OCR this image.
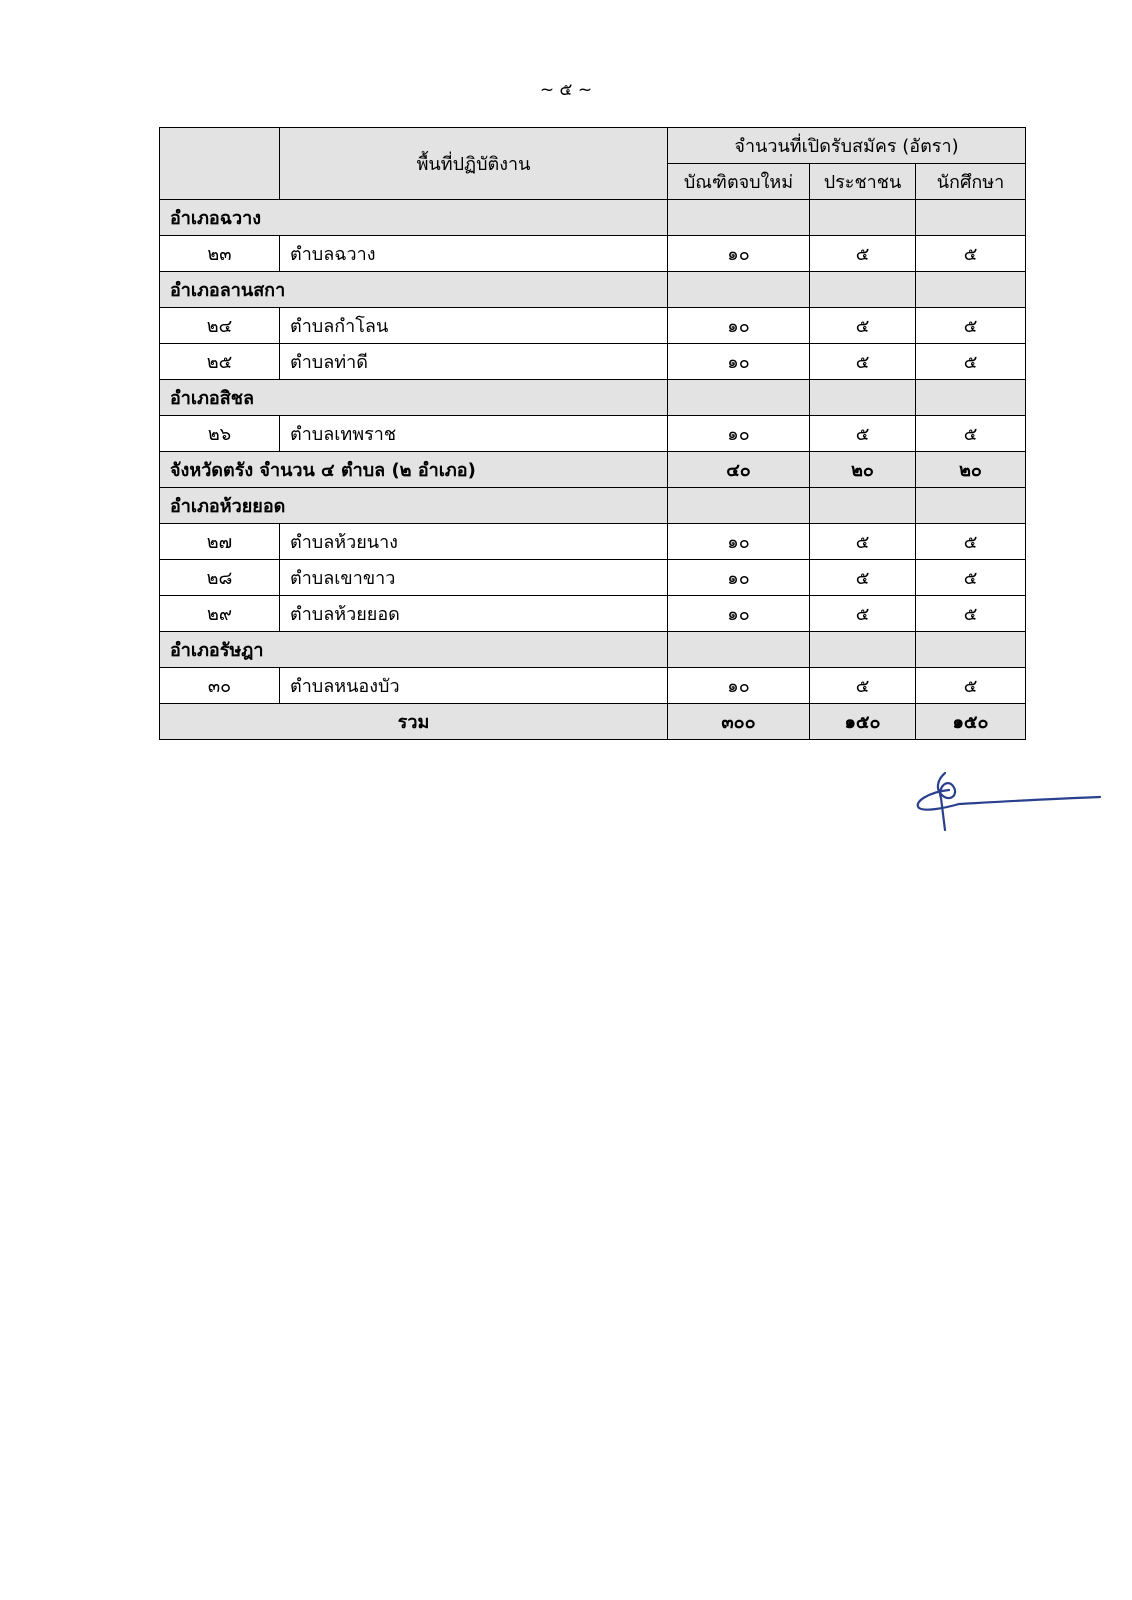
~ ๕ ~
	พื้นที่ปฏิบัติงาน	จำนวนที่เปิดรับสมัคร (อัตรา)		
		บัณฑิตจบใหม่	ประชาชน	นักศึกษา
อำเภอฉวาง				
๒๓	ตำบลฉวาง	๑๐	๕	๕
อำเภอลานสกา				
๒๔	ตำบลกำโลน	๑๐	๕	๕
๒๕	ตำบลท่าดี	๑๐	๕	๕
อำเภอสิชล				
๒๖	ตำบลเทพราช	๑๐	๕	๕
จังหวัดตรัง จำนวน ๔ ตำบล (๒ อำเภอ)		๔๐	๒๐	๒๐
อำเภอห้วยยอด				
๒๗	ตำบลห้วยนาง	๑๐	๕	๕
๒๘	ตำบลเขาขาว	๑๐	๕	๕
๒๙	ตำบลห้วยยอด	๑๐	๕	๕
อำเภอรัษฎา				
๓๐	ตำบลหนองบัว	๑๐	๕	๕
รวม		๓๐๐	๑๕๐	๑๕๐
